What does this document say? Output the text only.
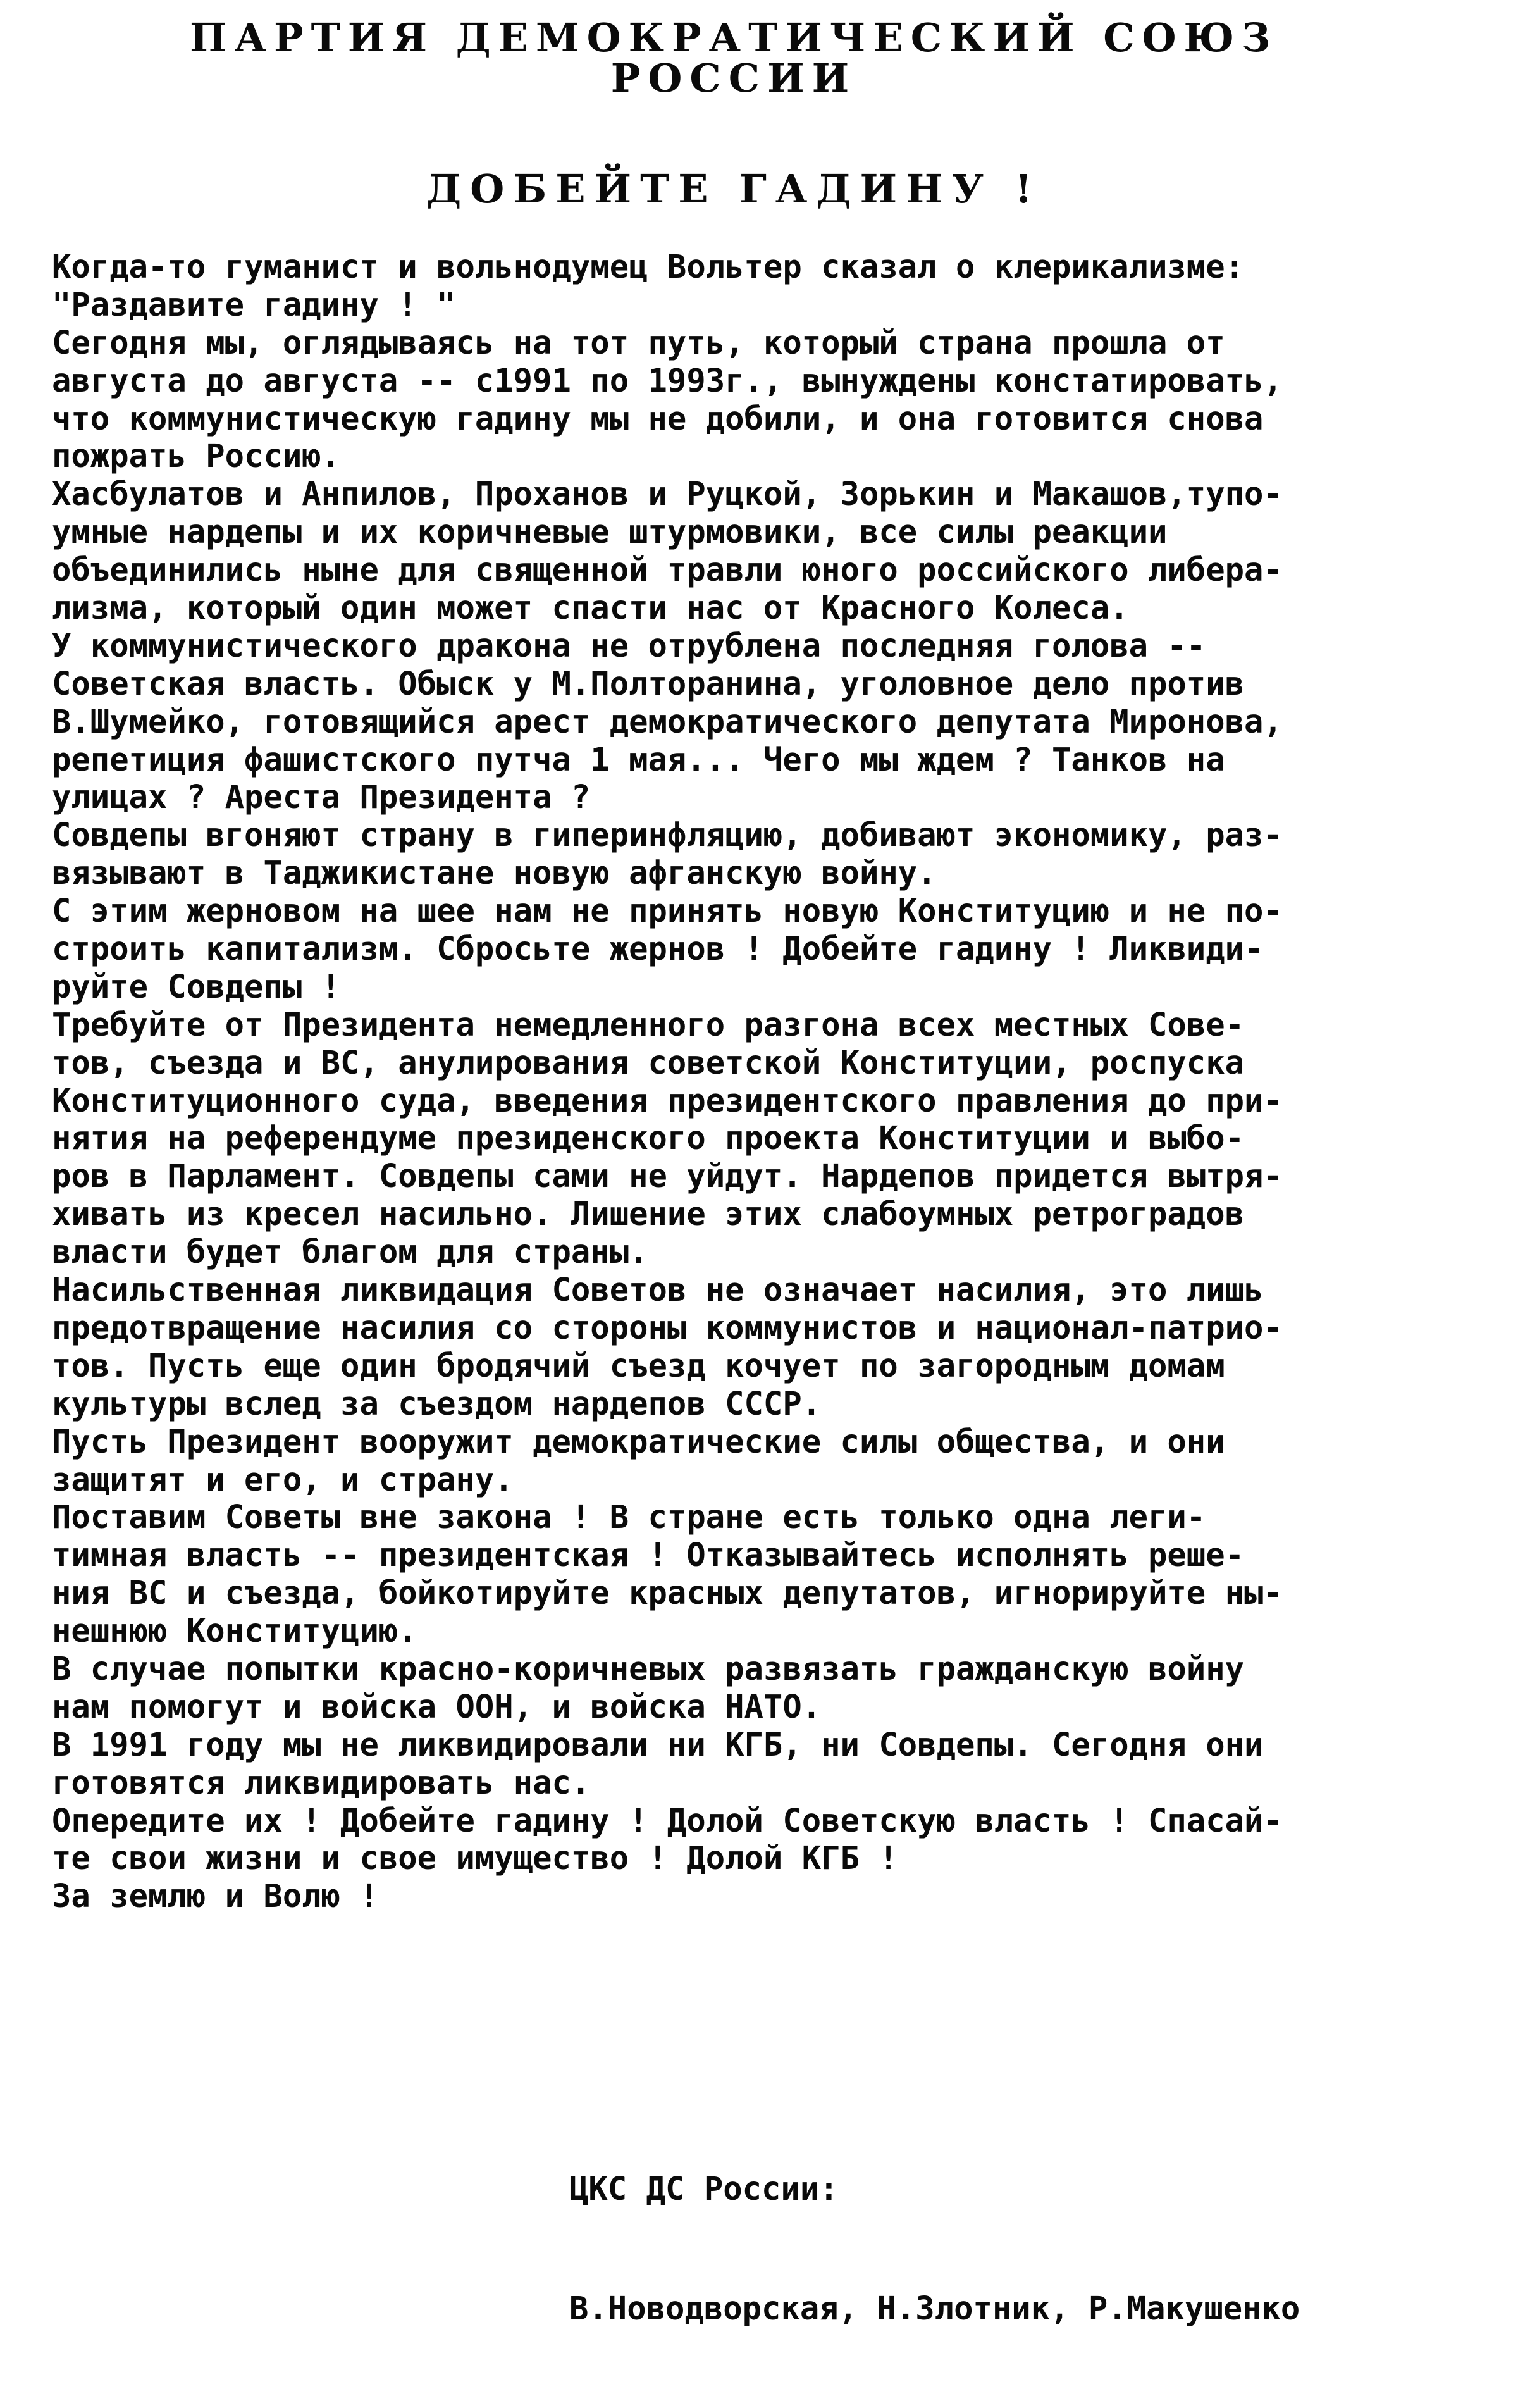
ПАРТИЯ ДЕМОКРАТИЧЕСКИЙ СОЮЗ
РОССИИ
ДОБЕЙТЕ ГАДИНУ !
Когда-то гуманист и вольнодумец Вольтер сказал о клерикализме:
"Раздавите гадину ! "
Сегодня мы, оглядываясь на тот путь, который страна прошла от
августа до августа -- с1991 по 1993г., вынуждены констатировать,
что коммунистическую гадину мы не добили, и она готовится снова
пожрать Россию.
Хасбулатов и Анпилов, Проханов и Руцкой, Зорькин и Макашов,тупо-
умные нардепы и их коричневые штурмовики, все силы реакции
объединились ныне для священной травли юного российского либера-
лизма, который один может спасти нас от Красного Колеса.
У коммунистического дракона не отрублена последняя голова --
Советская власть. Обыск у М.Полторанина, уголовное дело против
В.Шумейко, готовящийся арест демократического депутата Миронова,
репетиция фашистского путча 1 мая... Чего мы ждем ? Танков на
улицах ? Ареста Президента ?
Совдепы вгоняют страну в гиперинфляцию, добивают экономику, раз-
вязывают в Таджикистане новую афганскую войну.
С этим жерновом на шее нам не принять новую Конституцию и не по-
строить капитализм. Сбросьте жернов ! Добейте гадину ! Ликвиди-
руйте Совдепы !
Требуйте от Президента немедленного разгона всех местных Сове-
тов, съезда и ВС, анулирования советской Конституции, роспуска
Конституционного суда, введения президентского правления до при-
нятия на референдуме президенского проекта Конституции и выбо-
ров в Парламент. Совдепы сами не уйдут. Нардепов придется вытря-
хивать из кресел насильно. Лишение этих слабоумных ретроградов
власти будет благом для страны.
Насильственная ликвидация Советов не означает насилия, это лишь
предотвращение насилия со стороны коммунистов и национал-патрио-
тов. Пусть еще один бродячий съезд кочует по загородным домам
культуры вслед за съездом нардепов СССР.
Пусть Президент вооружит демократические силы общества, и они
защитят и его, и страну.
Поставим Советы вне закона ! В стране есть только одна леги-
тимная власть -- президентская ! Отказывайтесь исполнять реше-
ния ВС и съезда, бойкотируйте красных депутатов, игнорируйте ны-
нешнюю Конституцию.
В случае попытки красно-коричневых развязать гражданскую войну
нам помогут и войска ООН, и войска НАТО.
В 1991 году мы не ликвидировали ни КГБ, ни Совдепы. Сегодня они
готовятся ликвидировать нас.
Опередите их ! Добейте гадину ! Долой Советскую власть ! Спасай-
те свои жизни и свое имущество ! Долой КГБ !
За землю и Волю !

ЦКС ДС России:

В.Новодворская, Н.Злотник, Р.Макушенко
